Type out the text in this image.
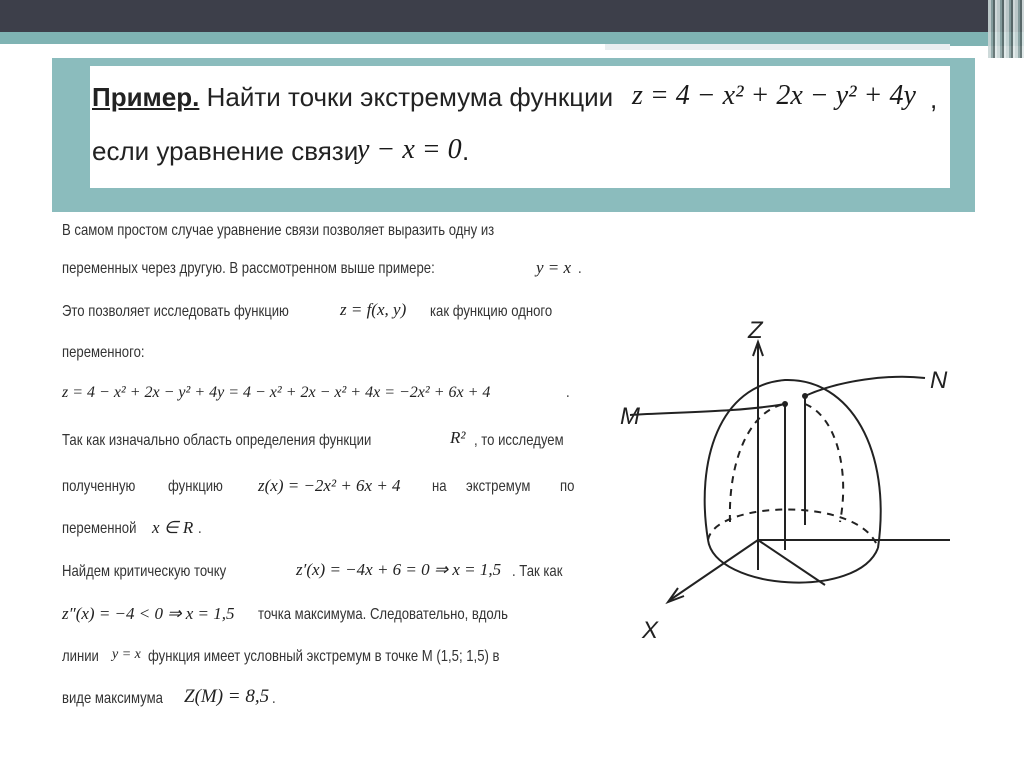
Пример. Найти точки экстремума функции z = 4 − x² + 2x − y² + 4y ,
если уравнение связи
y − x = 0 .
В самом простом случае уравнение связи позволяет выразить одну из
переменных через другую. В рассмотренном выше примере:	y = x .
Это позволяет исследовать функцию	z = f(x, y) как функцию одного
переменного:
z = 4 − x² + 2x − y² + 4y = 4 − x² + 2x − x² + 4x = −2x² + 6x + 4	.
Так как изначально область определения функции	R² , то исследуем
полученную функцию z(x) = −2x² + 6x + 4 на экстремум по
переменной x ∈ R .
Найдем критическую точку	z′(x) = −4x + 6 = 0 ⇒ x = 1,5 . Так как
z″(x) = −4 < 0 ⇒ x = 1,5 точка максимума. Следовательно, вдоль
линии y = x функция имеет условный экстремум в точке М (1,5; 1,5) в
виде максимума Z(M) = 8,5 .
Z
N
M
X
